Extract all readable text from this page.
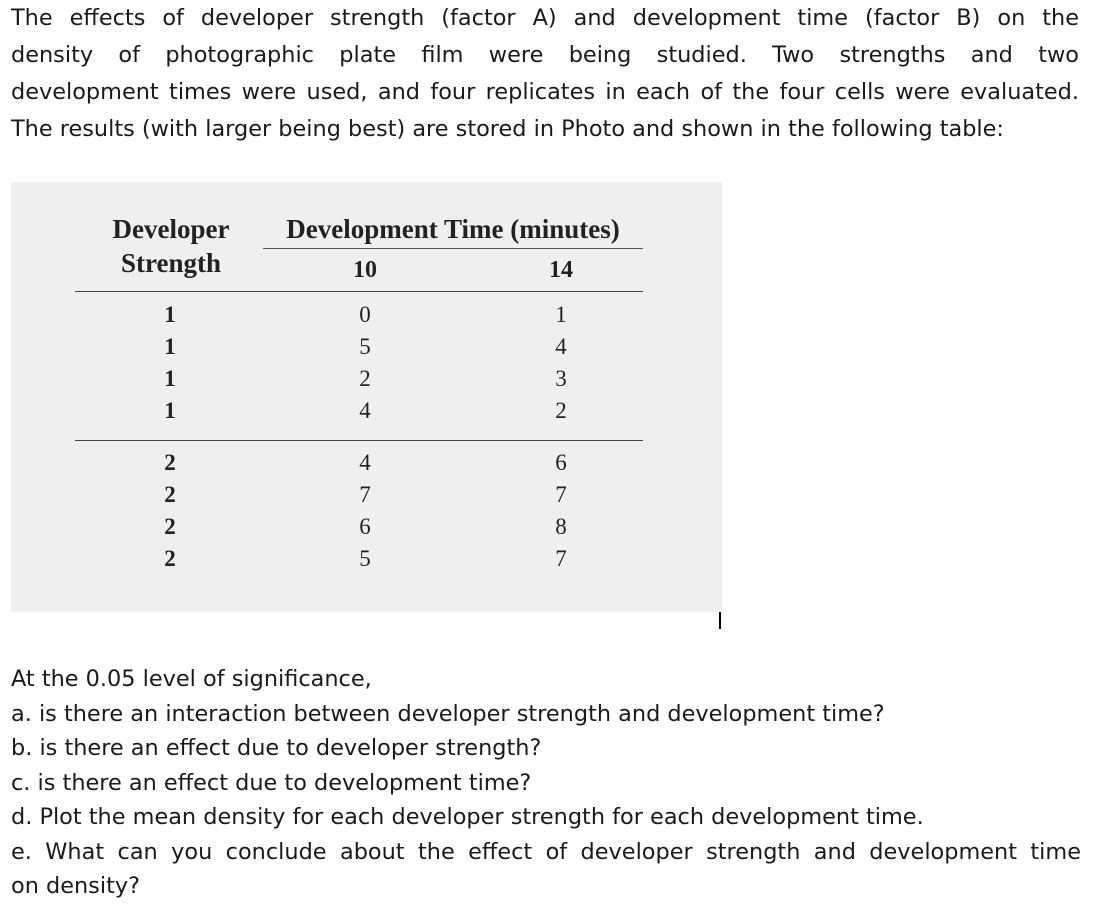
The effects of developer strength (factor A) and development time (factor B) on the
density of photographic plate film were being studied. Two strengths and two
development times were used, and four replicates in each of the four cells were evaluated.
The results (with larger being best) are stored in Photo and shown in the following table:
Developer
Strength
Development Time (minutes)
10	14
1	0	1
1	5	4
1	2	3
1	4	2
2	4	6
2	7	7
2	6	8
2	5	7
At the 0.05 level of significance,
a. is there an interaction between developer strength and development time?
b. is there an effect due to developer strength?
c. is there an effect due to development time?
d. Plot the mean density for each developer strength for each development time.
e. What can you conclude about the effect of developer strength and development time
on density?
